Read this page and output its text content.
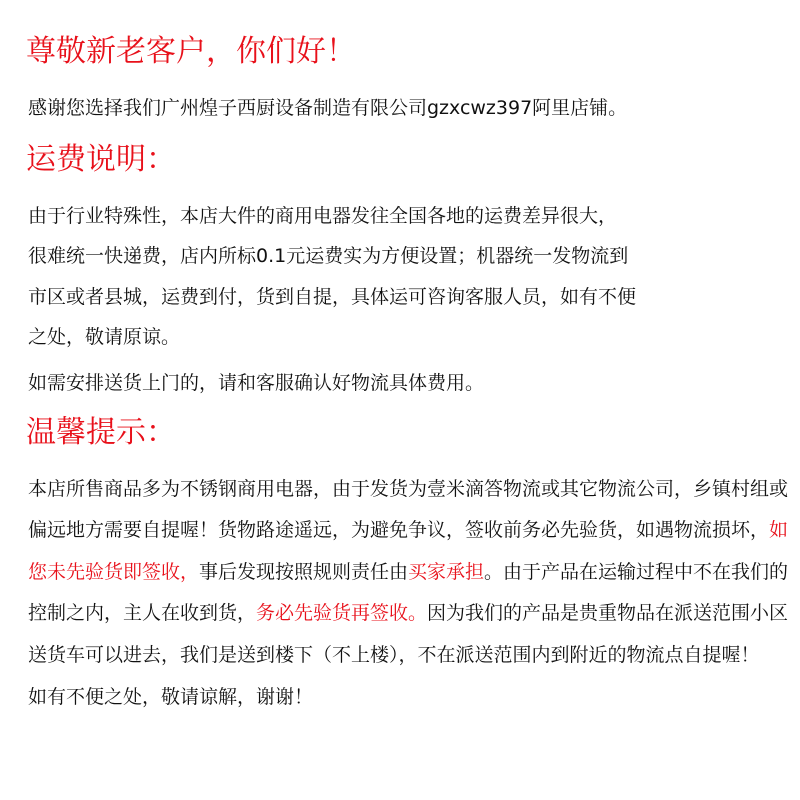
尊敬新老客户，你们好！
感谢您选择我们广州煌子西厨设备制造有限公司gzxcwz397阿里店铺。
运费说明：
由于行业特殊性，本店大件的商用电器发往全国各地的运费差异很大，
很难统一快递费，店内所标0.1元运费实为方便设置；机器统一发物流到
市区或者县城，运费到付，货到自提，具体运可咨询客服人员，如有不便
之处，敬请原谅。
如需安排送货上门的，请和客服确认好物流具体费用。
温馨提示：
本店所售商品多为不锈钢商用电器，由于发货为壹米滴答物流或其它物流公司，乡镇村组或
偏远地方需要自提喔！货物路途遥远，为避免争议，签收前务必先验货，如遇物流损坏，如
您未先验货即签收，事后发现按照规则责任由买家承担。由于产品在运输过程中不在我们的
控制之内，主人在收到货，务必先验货再签收。因为我们的产品是贵重物品在派送范围小区
送货车可以进去，我们是送到楼下（不上楼），不在派送范围内到附近的物流点自提喔！
如有不便之处，敬请谅解，谢谢！
